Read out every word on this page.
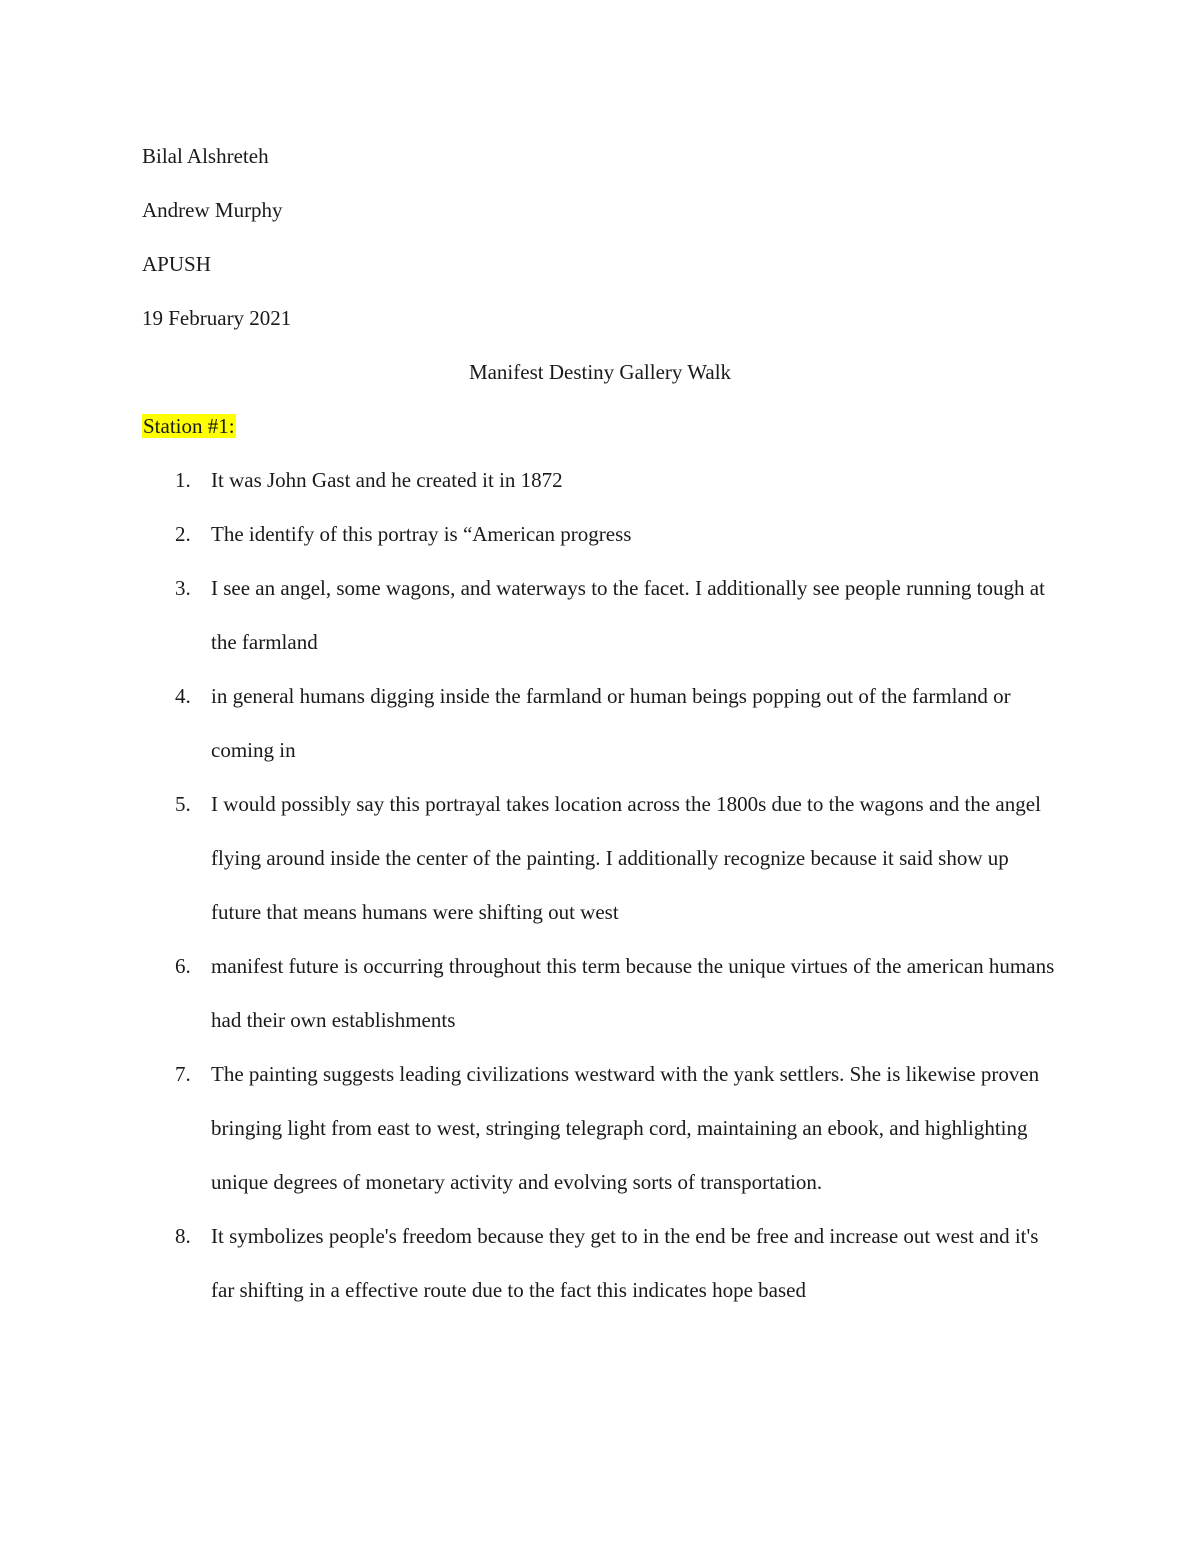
Bilal Alshreteh
Andrew Murphy
APUSH
19 February 2021
Manifest Destiny Gallery Walk
Station #1:
1. It was John Gast and he created it in 1872
2. The identify of this portray is “American progress
3. I see an angel, some wagons, and waterways to the facet. I additionally see people running tough at the farmland
4. in general humans digging inside the farmland or human beings popping out of the farmland or coming in
5. I would possibly say this portrayal takes location across the 1800s due to the wagons and the angel flying around inside the center of the painting. I additionally recognize because it said show up future that means humans were shifting out west
6. manifest future is occurring throughout this term because the unique virtues of the american humans had their own establishments
7. The painting suggests leading civilizations westward with the yank settlers. She is likewise proven bringing light from east to west, stringing telegraph cord, maintaining an ebook, and highlighting unique degrees of monetary activity and evolving sorts of transportation.
8. It symbolizes people's freedom because they get to in the end be free and increase out west and it's far shifting in a effective route due to the fact this indicates hope based
